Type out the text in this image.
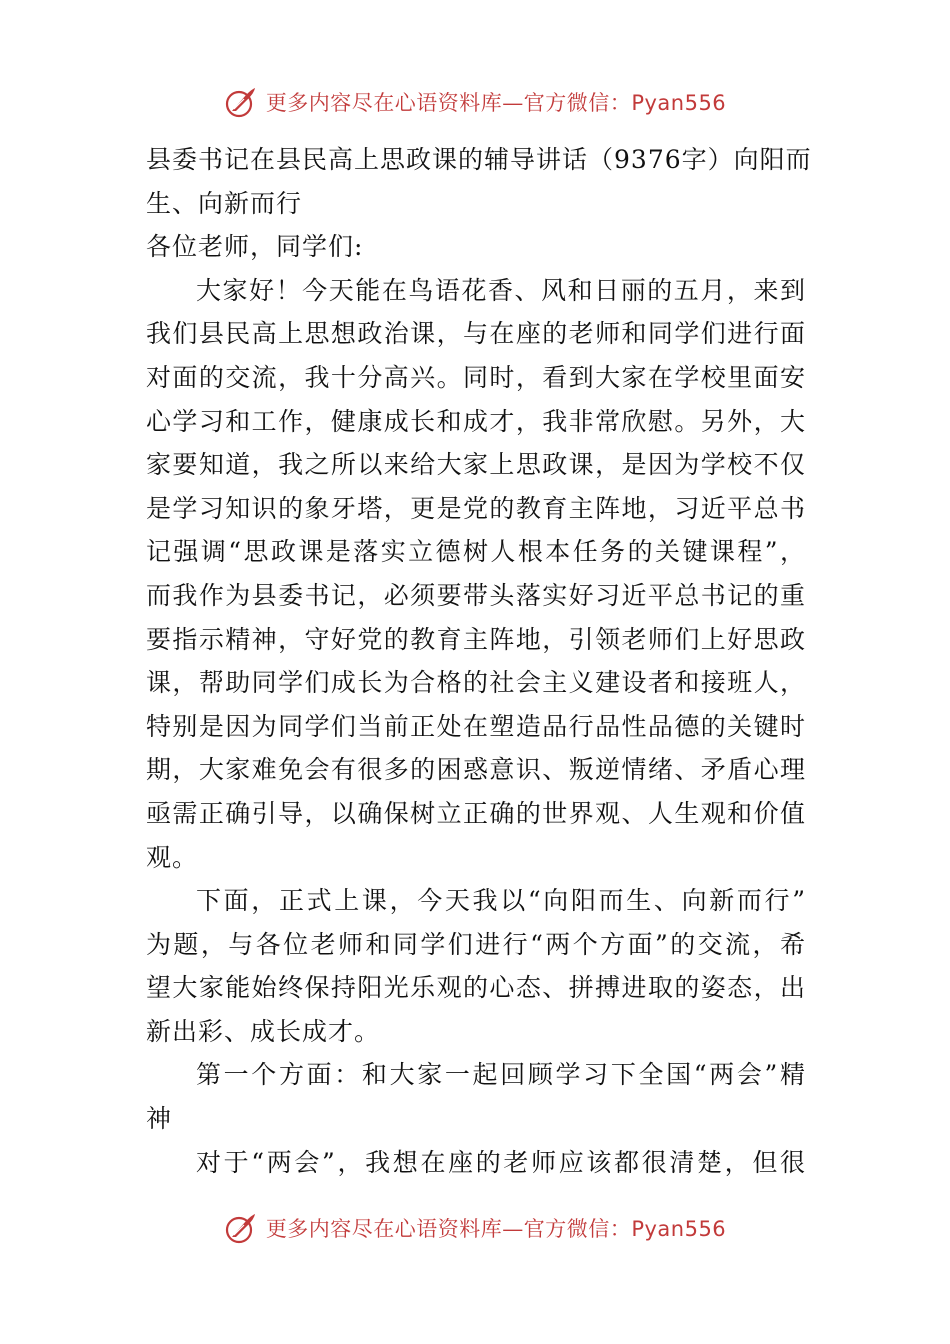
更多内容尽在心语资料库—官方微信：Pyan556
县委书记在县民高上思政课的辅导讲话（9376字）向阳而
生、向新而行
各位老师，同学们:
大家好！今天能在鸟语花香、风和日丽的五月，来到
我们县民高上思想政治课，与在座的老师和同学们进行面
对面的交流，我十分高兴。同时，看到大家在学校里面安
心学习和工作，健康成长和成才，我非常欣慰。另外，大
家要知道，我之所以来给大家上思政课，是因为学校不仅
是学习知识的象牙塔，更是党的教育主阵地，习近平总书
记强调“思政课是落实立德树人根本任务的关键课程”，
而我作为县委书记，必须要带头落实好习近平总书记的重
要指示精神，守好党的教育主阵地，引领老师们上好思政
课，帮助同学们成长为合格的社会主义建设者和接班人，
特别是因为同学们当前正处在塑造品行品性品德的关键时
期，大家难免会有很多的困惑意识、叛逆情绪、矛盾心理
亟需正确引导，以确保树立正确的世界观、人生观和价值
观。
下面，正式上课，今天我以“向阳而生、向新而行”
为题，与各位老师和同学们进行“两个方面”的交流，希
望大家能始终保持阳光乐观的心态、拼搏进取的姿态，出
新出彩、成长成才。
第一个方面：和大家一起回顾学习下全国“两会”精
神
对于“两会”，我想在座的老师应该都很清楚，但很
更多内容尽在心语资料库—官方微信：Pyan556
